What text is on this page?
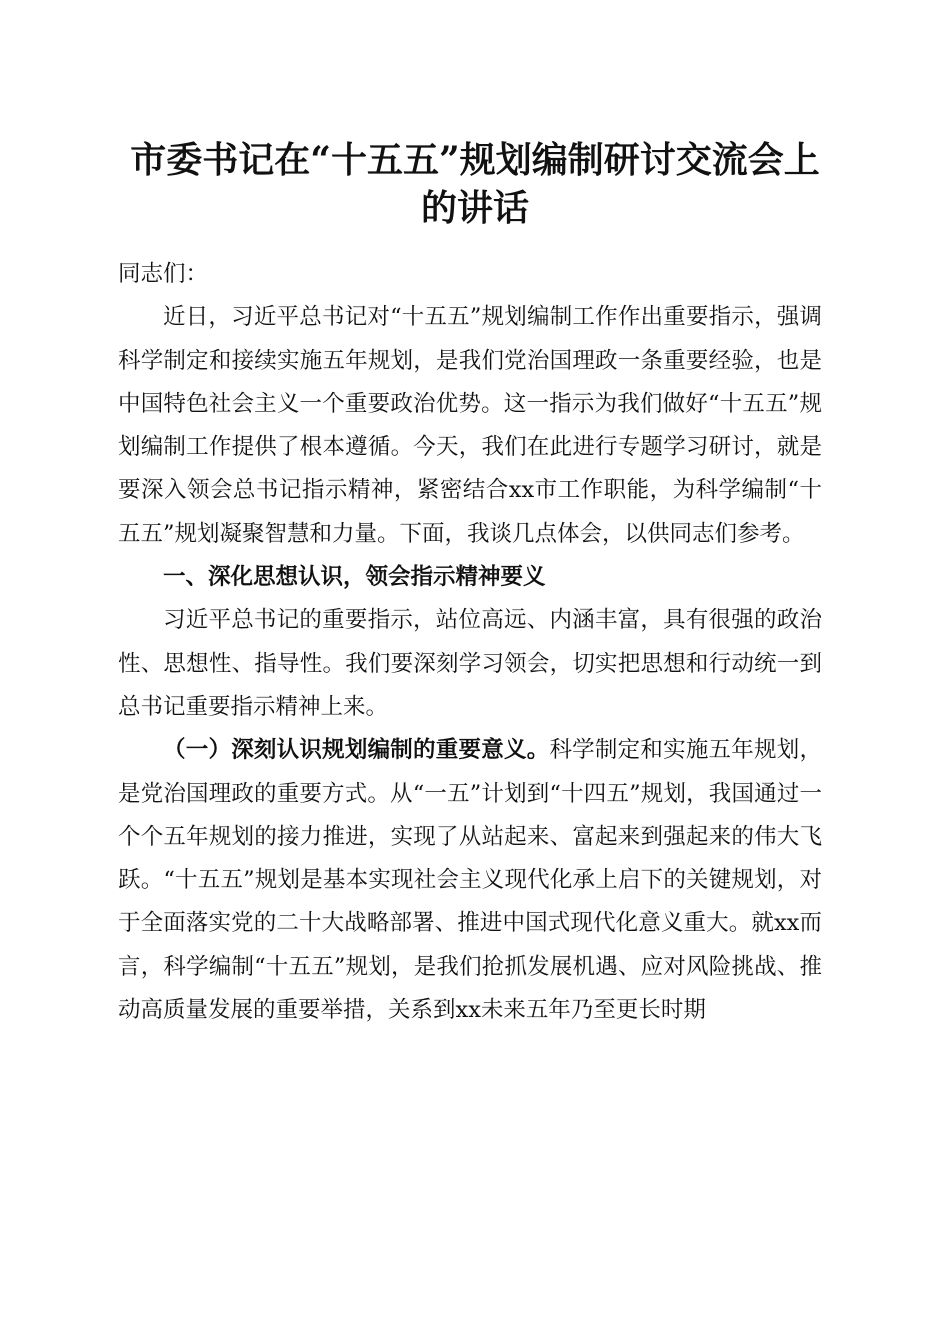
市委书记在“十五五”规划编制研讨交流会上
的讲话

同志们：

近日，习近平总书记对“十五五”规划编制工作作出重要指示，强调科学制定和接续实施五年规划，是我们党治国理政一条重要经验，也是中国特色社会主义一个重要政治优势。这一指示为我们做好“十五五”规划编制工作提供了根本遵循。今天，我们在此进行专题学习研讨，就是要深入领会总书记指示精神，紧密结合xx市工作职能，为科学编制“十五五”规划凝聚智慧和力量。下面，我谈几点体会，以供同志们参考。

一、深化思想认识，领会指示精神要义

习近平总书记的重要指示，站位高远、内涵丰富，具有很强的政治性、思想性、指导性。我们要深刻学习领会，切实把思想和行动统一到总书记重要指示精神上来。

（一）深刻认识规划编制的重要意义。科学制定和实施五年规划，是党治国理政的重要方式。从“一五”计划到“十四五”规划，我国通过一个个五年规划的接力推进，实现了从站起来、富起来到强起来的伟大飞跃。“十五五”规划是基本实现社会主义现代化承上启下的关键规划，对于全面落实党的二十大战略部署、推进中国式现代化意义重大。就xx而言，科学编制“十五五”规划，是我们抢抓发展机遇、应对风险挑战、推动高质量发展的重要举措，关系到xx未来五年乃至更长时期
